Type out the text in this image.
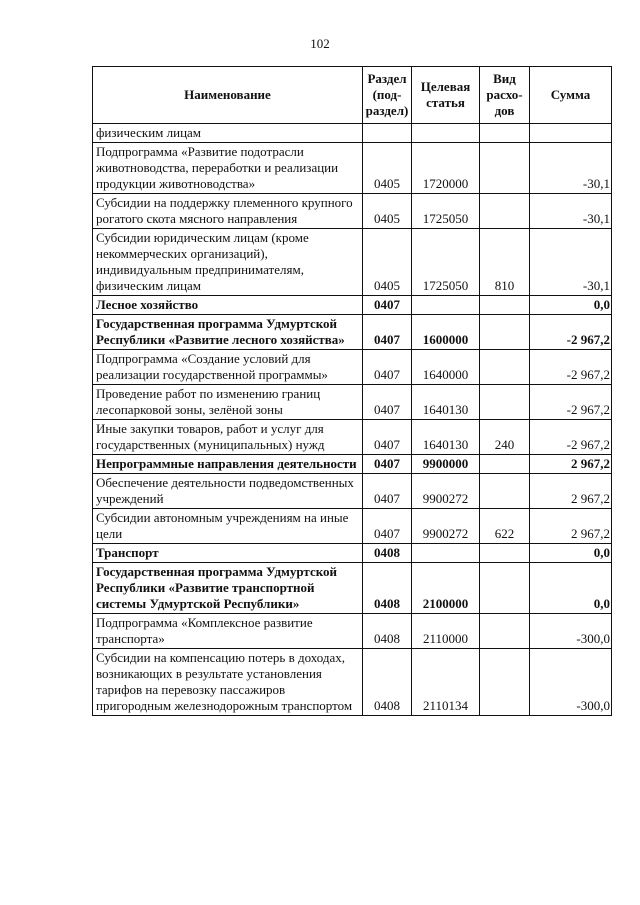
102
Наименование	Раздел (под-раздел)	Целевая статья	Вид расхо-дов	Сумма
физическим лицам				
Подпрограмма «Развитие подотрасли животноводства, переработки и реализации продукции животноводства»	0405	1720000		-30,1
Субсидии на поддержку племенного крупного рогатого скота мясного направления	0405	1725050		-30,1
Субсидии юридическим лицам (кроме некоммерческих организаций), индивидуальным предпринимателям, физическим лицам	0405	1725050	810	-30,1
Лесное хозяйство	0407			0,0
Государственная программа Удмуртской Республики «Развитие лесного хозяйства»	0407	1600000		-2 967,2
Подпрограмма «Создание условий для реализации государственной программы»	0407	1640000		-2 967,2
Проведение работ по изменению границ лесопарковой зоны, зелёной зоны	0407	1640130		-2 967,2
Иные закупки товаров, работ и услуг для государственных (муниципальных) нужд	0407	1640130	240	-2 967,2
Непрограммные направления деятельности	0407	9900000		2 967,2
Обеспечение деятельности подведомственных учреждений	0407	9900272		2 967,2
Субсидии автономным учреждениям на иные цели	0407	9900272	622	2 967,2
Транспорт	0408			0,0
Государственная программа Удмуртской Республики «Развитие транспортной системы Удмуртской Республики»	0408	2100000		0,0
Подпрограмма «Комплексное развитие транспорта»	0408	2110000		-300,0
Субсидии на компенсацию потерь в доходах, возникающих в результате установления тарифов на перевозку пассажиров пригородным железнодорожным транспортом	0408	2110134		-300,0
